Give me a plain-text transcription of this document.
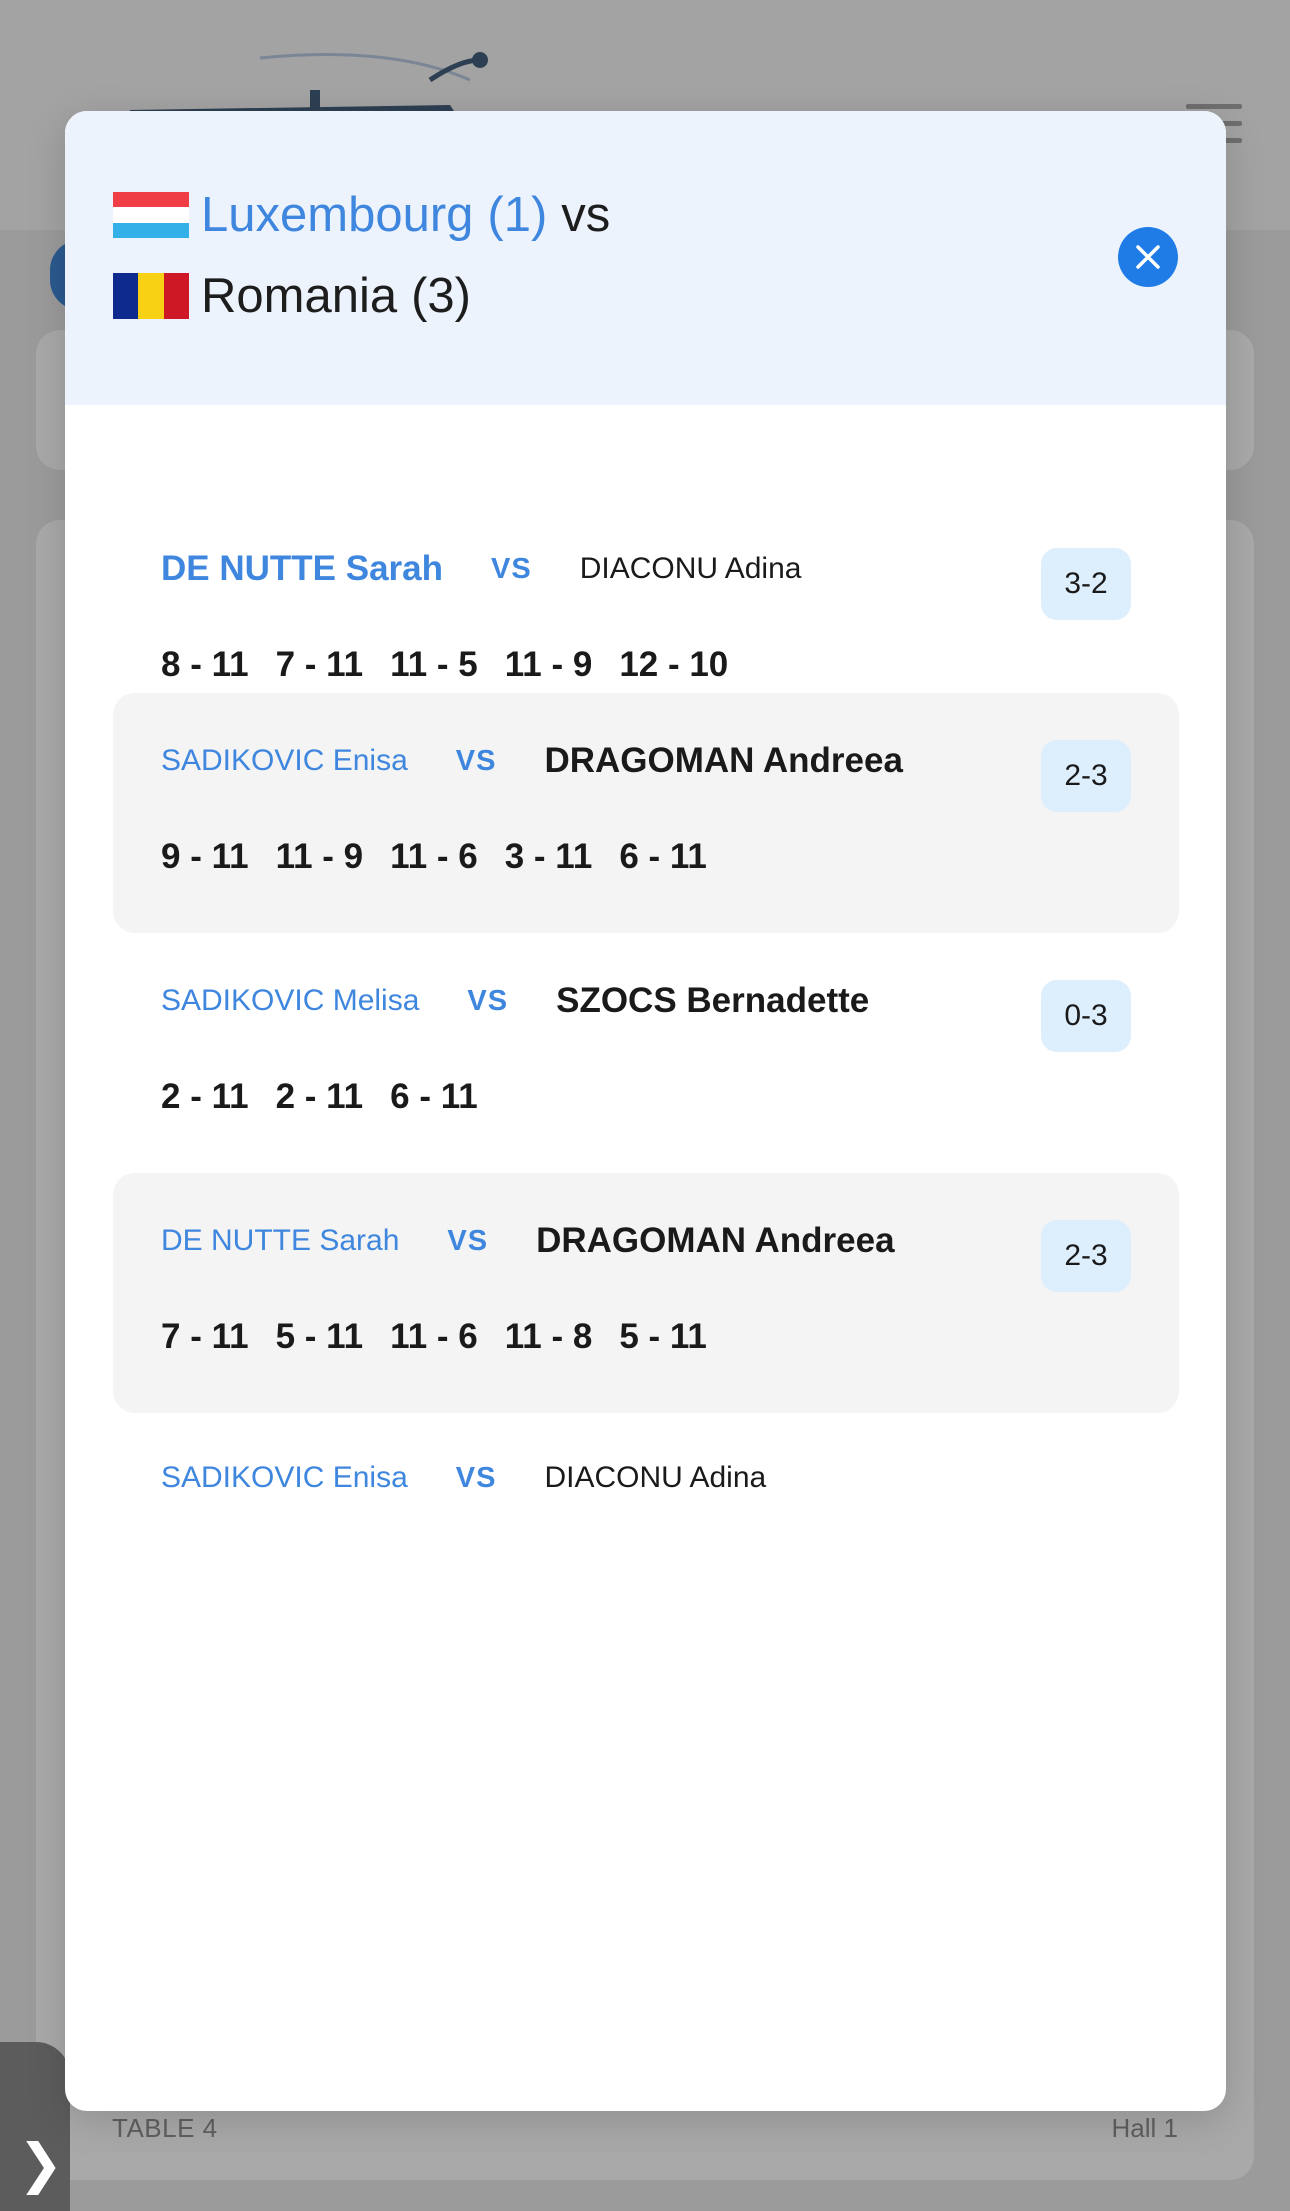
TABLE 4	Hall 1
❯
Luxembourg (1) vs
Romania (3)
DE NUTTE Sarah VS DIACONU Adina	3-2
8 - 11 7 - 11 11 - 5 11 - 9 12 - 10
SADIKOVIC Enisa VS DRAGOMAN Andreea	2-3
9 - 11 11 - 9 11 - 6 3 - 11 6 - 11
SADIKOVIC Melisa VS SZOCS Bernadette	0-3
2 - 11 2 - 11 6 - 11
DE NUTTE Sarah VS DRAGOMAN Andreea	2-3
7 - 11 5 - 11 11 - 6 11 - 8 5 - 11
SADIKOVIC Enisa VS DIACONU Adina
